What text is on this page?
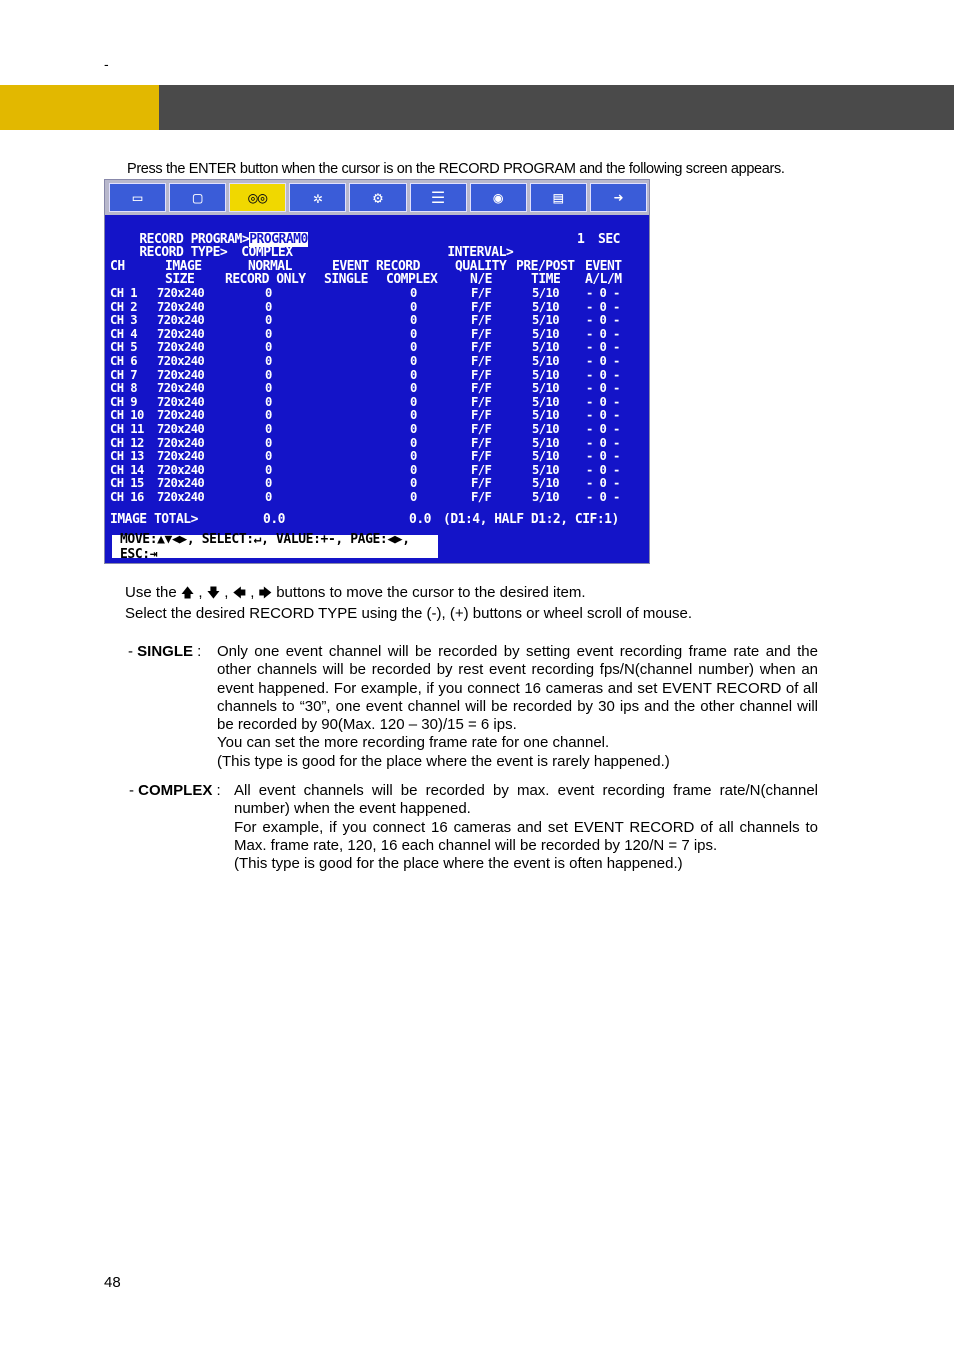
-
Press the ENTER button when the cursor is on the RECORD PROGRAM and the following screen appears.
▭	▢	◎◎	✲	⚙	☰	◉	▤	➜

RECORD PROGRAM>PROGRAM0

RECORD TYPE> COMPLEX
	INTERVAL>

1 SEC
CH	IMAGE	NORMAL	EVENT RECORD	QUALITY PRE/POST EVENT
SIZE RECORD ONLY SINGLE COMPLEX	N/E	TIME A/L/M
CH 1 720x240	0	0	F/F	5/10 - 0 -
CH 2 720x240	0	0	F/F	5/10 - 0 -
CH 3 720x240	0	0	F/F	5/10 - 0 -
CH 4 720x240	0	0	F/F	5/10 - 0 -
CH 5 720x240	0	0	F/F	5/10 - 0 -
CH 6 720x240	0	0	F/F	5/10 - 0 -
CH 7 720x240	0	0	F/F	5/10 - 0 -
CH 8 720x240	0	0	F/F	5/10 - 0 -
CH 9 720x240	0	0	F/F	5/10 - 0 -
CH 10 720x240	0	0	F/F	5/10 - 0 -
CH 11 720x240	0	0	F/F	5/10 - 0 -
CH 12 720x240	0	0	F/F	5/10 - 0 -
CH 13 720x240	0	0	F/F	5/10 - 0 -
CH 14 720x240	0	0	F/F	5/10 - 0 -
CH 15 720x240	0	0	F/F	5/10 - 0 -
CH 16 720x240	0	0	F/F	5/10 - 0 -
IMAGE TOTAL>	0.0	0.0 (D1:4, HALF D1:2, CIF:1)
MOVE:▲▼◀▶, SELECT:↵, VALUE:+-, PAGE:◀▶, ESC:⇥
Use the 🡅 , 🡇 , 🡄 , 🡆 buttons to move the cursor to the desired item.
Select the desired RECORD TYPE using the (-), (+) buttons or wheel scroll of mouse.
- SINGLE : Only one event channel will be recorded by setting event recording frame rate and the other channels will be recorded by rest event recording fps/N(channel number) when an event happened. For example, if you connect 16 cameras and set EVENT RECORD of all channels to “30”, one event channel will be recorded by 30 ips and the other channel will be recorded by 90(Max. 120 – 30)/15 = 6 ips.
You can set the more recording frame rate for one channel.
(This type is good for the place where the event is rarely happened.)
- COMPLEX : All event channels will be recorded by max. event recording frame rate/N(channel number) when the event happened.
For example, if you connect 16 cameras and set EVENT RECORD of all channels to Max. frame rate, 120, 16 each channel will be recorded by 120/N = 7 ips.
(This type is good for the place where the event is often happened.)
48
